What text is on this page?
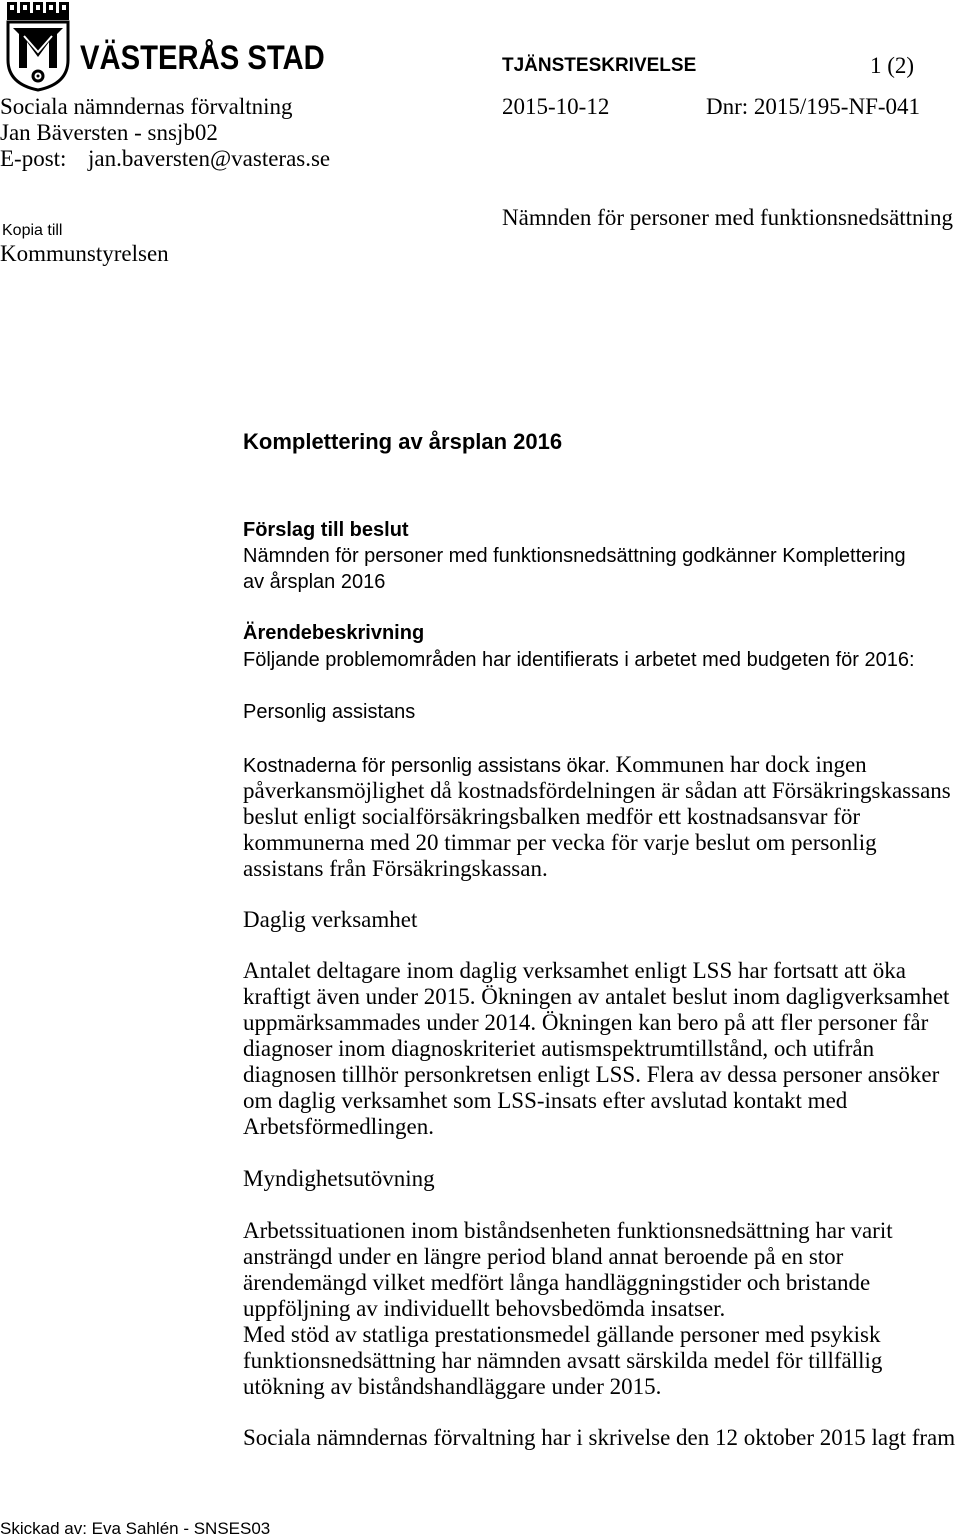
VÄSTERÅS STAD	TJÄNSTESKRIVELSE	1 (2)
Sociala nämndernas förvaltning	2015-10-12	Dnr: 2015/195-NF-041
Jan Bäversten - snsjb02
E-post: jan.baversten@vasteras.se
Kopia till
Nämnden för personer med funktionsnedsättning
Kommunstyrelsen
Komplettering av årsplan 2016
Förslag till beslut
Nämnden för personer med funktionsnedsättning godkänner Komplettering
av årsplan 2016
Ärendebeskrivning
Följande problemområden har identifierats i arbetet med budgeten för 2016:
Personlig assistans
Kostnaderna för personlig assistans ökar. Kommunen har dock ingen
påverkansmöjlighet då kostnadsfördelningen är sådan att Försäkringskassans
beslut enligt socialförsäkringsbalken medför ett kostnadsansvar för
kommunerna med 20 timmar per vecka för varje beslut om personlig
assistans från Försäkringskassan.
Daglig verksamhet
Antalet deltagare inom daglig verksamhet enligt LSS har fortsatt att öka
kraftigt även under 2015. Ökningen av antalet beslut inom dagligverksamhet
uppmärksammades under 2014. Ökningen kan bero på att fler personer får
diagnoser inom diagnoskriteriet autismspektrumtillstånd, och utifrån
diagnosen tillhör personkretsen enligt LSS. Flera av dessa personer ansöker
om daglig verksamhet som LSS-insats efter avslutad kontakt med
Arbetsförmedlingen.
Myndighetsutövning
Arbetssituationen inom biståndsenheten funktionsnedsättning har varit
ansträngd under en längre period bland annat beroende på en stor
ärendemängd vilket medfört långa handläggningstider och bristande
uppföljning av individuellt behovsbedömda insatser.
Med stöd av statliga prestationsmedel gällande personer med psykisk
funktionsnedsättning har nämnden avsatt särskilda medel för tillfällig
utökning av biståndshandläggare under 2015.
Sociala nämndernas förvaltning har i skrivelse den 12 oktober 2015 lagt fram
Skickad av: Eva Sahlén - SNSES03
